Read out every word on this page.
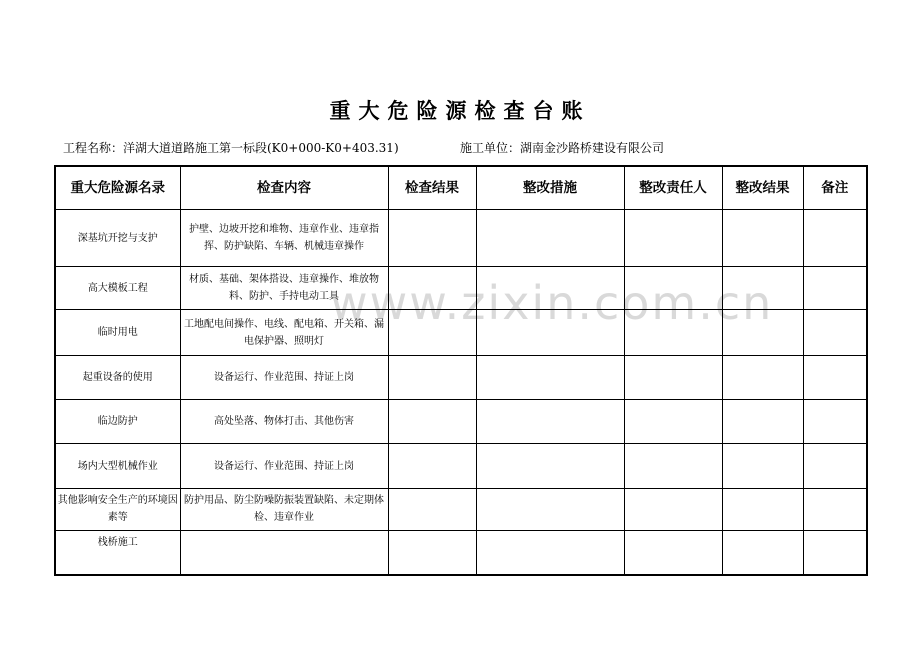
重大危险源检查台账
工程名称：洋湖大道道路施工第一标段(K0+000-K0+403.31)	施工单位：湖南金沙路桥建设有限公司
www.zixin.com.cn
重大危险源名录	检查内容	检查结果	整改措施	整改责任人	整改结果	备注
深基坑开挖与支护	护壁、边坡开挖和堆物、违章作业、违章指挥、防护缺陷、车辆、机械违章操作					
高大模板工程	材质、基础、架体搭设、违章操作、堆放物料、防护、手持电动工具					
临时用电	工地配电间操作、电线、配电箱、开关箱、漏电保护器、照明灯					
起重设备的使用	设备运行、作业范围、持证上岗					
临边防护	高处坠落、物体打击、其他伤害					
场内大型机械作业	设备运行、作业范围、持证上岗					
其他影响安全生产的环境因素等	防护用品、防尘防噪防振装置缺陷、未定期体检、违章作业					
栈桥施工						
